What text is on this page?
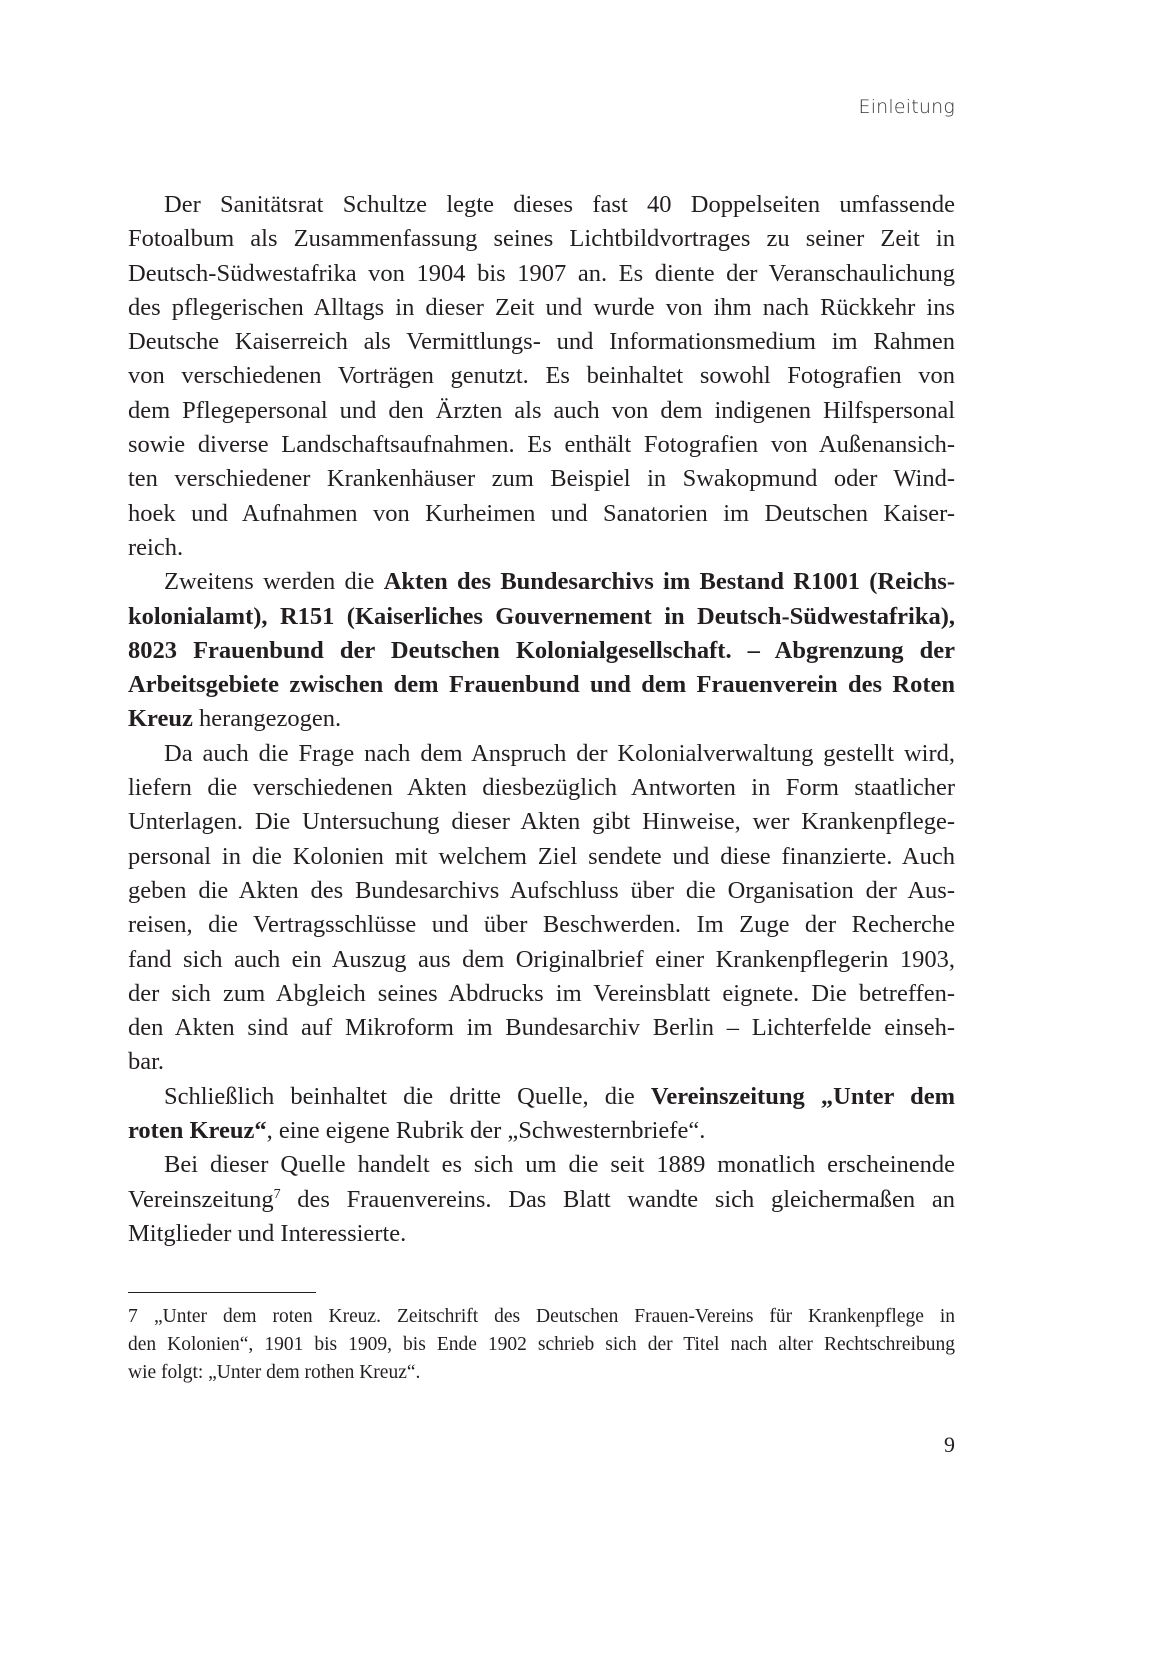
Einleitung
Der Sanitätsrat Schultze legte dieses fast 40 Doppelseiten umfassende
Fotoalbum als Zusammenfassung seines Lichtbildvortrages zu seiner Zeit in
Deutsch-Südwestafrika von 1904 bis 1907 an. Es diente der Veranschaulichung
des pflegerischen Alltags in dieser Zeit und wurde von ihm nach Rückkehr ins
Deutsche Kaiserreich als Vermittlungs- und Informationsmedium im Rahmen
von verschiedenen Vorträgen genutzt. Es beinhaltet sowohl Fotografien von
dem Pflegepersonal und den Ärzten als auch von dem indigenen Hilfspersonal
sowie diverse Landschaftsaufnahmen. Es enthält Fotografien von Außenansich-
ten verschiedener Krankenhäuser zum Beispiel in Swakopmund oder Wind-
hoek und Aufnahmen von Kurheimen und Sanatorien im Deutschen Kaiser-
reich.
Zweitens werden die Akten des Bundesarchivs im Bestand R1001 (Reichs-
kolonialamt), R151 (Kaiserliches Gouvernement in Deutsch-Südwestafrika),
8023 Frauenbund der Deutschen Kolonialgesellschaft. – Abgrenzung der
Arbeitsgebiete zwischen dem Frauenbund und dem Frauenverein des Roten
Kreuz herangezogen.
Da auch die Frage nach dem Anspruch der Kolonialverwaltung gestellt wird,
liefern die verschiedenen Akten diesbezüglich Antworten in Form staatlicher
Unterlagen. Die Untersuchung dieser Akten gibt Hinweise, wer Krankenpflege-
personal in die Kolonien mit welchem Ziel sendete und diese finanzierte. Auch
geben die Akten des Bundesarchivs Aufschluss über die Organisation der Aus-
reisen, die Vertragsschlüsse und über Beschwerden. Im Zuge der Recherche
fand sich auch ein Auszug aus dem Originalbrief einer Krankenpflegerin 1903,
der sich zum Abgleich seines Abdrucks im Vereinsblatt eignete. Die betreffen-
den Akten sind auf Mikroform im Bundesarchiv Berlin – Lichterfelde einseh-
bar.
Schließlich beinhaltet die dritte Quelle, die Vereinszeitung „Unter dem
roten Kreuz“, eine eigene Rubrik der „Schwesternbriefe“.
Bei dieser Quelle handelt es sich um die seit 1889 monatlich erscheinende
Vereinszeitung$^7$ des Frauenvereins. Das Blatt wandte sich gleichermaßen an
Mitglieder und Interessierte.
7 „Unter dem roten Kreuz. Zeitschrift des Deutschen Frauen-Vereins für Krankenpflege in
den Kolonien“, 1901 bis 1909, bis Ende 1902 schrieb sich der Titel nach alter Rechtschreibung
wie folgt: „Unter dem rothen Kreuz“.
9
